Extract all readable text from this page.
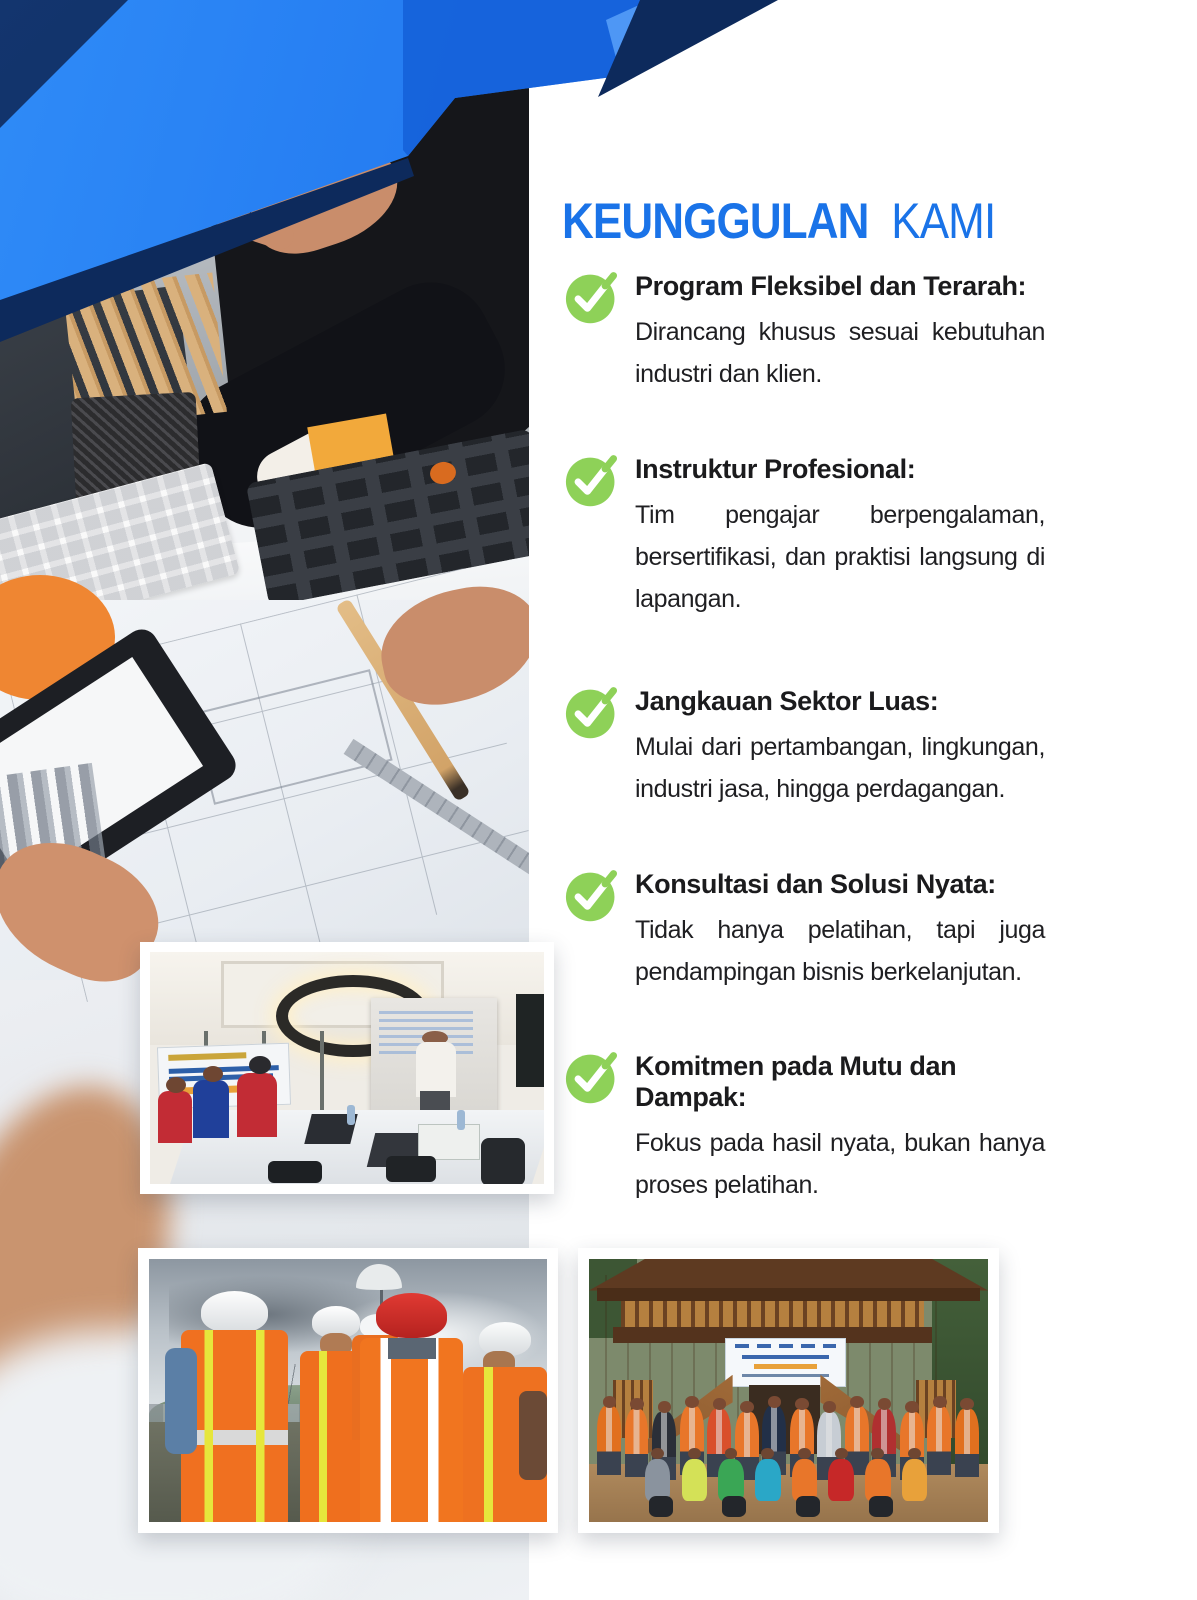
KEUNGGULAN KAMI
Program Fleksibel dan Terarah:
Dirancang khusus sesuai kebutuhan industri dan klien.
Instruktur Profesional:
Tim pengajar berpengalaman, bersertifikasi, dan praktisi langsung di lapangan.
Jangkauan Sektor Luas:
Mulai dari pertambangan, lingkungan, industri jasa, hingga perdagangan.
Konsultasi dan Solusi Nyata:
Tidak hanya pelatihan, tapi juga pendampingan bisnis berkelanjutan.
Komitmen pada Mutu dan Dampak:
Fokus pada hasil nyata, bukan hanya proses pelatihan.
